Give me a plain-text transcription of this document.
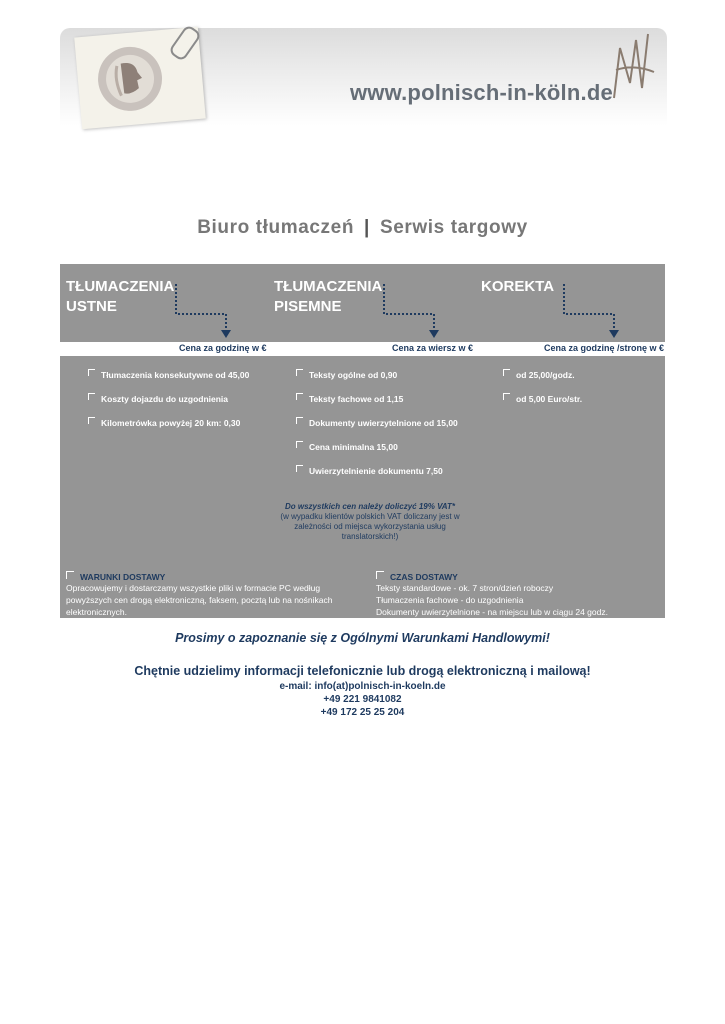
www.polnisch-in-köln.de
Biuro tłumaczeń | Serwis targowy
TŁUMACZENIA
USTNE
TŁUMACZENIA
PISEMNE
KOREKTA
Cena za godzinę w €	Cena za wiersz w €	Cena za godzinę /stronę w €
Tłumaczenia konsekutywne od 45,00
Koszty dojazdu do uzgodnienia
Kilometrówka powyżej 20 km: 0,30
Teksty ogólne od 0,90
Teksty fachowe od 1,15
Dokumenty uwierzytelnione od 15,00
Cena minimalna 15,00
Uwierzytelnienie dokumentu 7,50
od 25,00/godz.
od 5,00 Euro/str.
Do wszystkich cen należy doliczyć 19% VAT*
(w wypadku klientów polskich VAT doliczany jest w
zależności od miejsca wykorzystania usług
translatorskich!)
WARUNKI DOSTAWY
Opracowujemy i dostarczamy wszystkie pliki w formacie PC według
powyższych cen drogą elektroniczną, faksem, pocztą lub na nośnikach
elektronicznych.
CZAS DOSTAWY
Teksty standardowe - ok. 7 stron/dzień roboczy
Tłumaczenia fachowe - do uzgodnienia
Dokumenty uwierzytelnione - na miejscu lub w ciągu 24 godz.
Prosimy o zapoznanie się z Ogólnymi Warunkami Handlowymi!
Chętnie udzielimy informacji telefonicznie lub drogą elektroniczną i mailową!
e-mail: info(at)polnisch-in-koeln.de
+49 221 9841082
+49 172 25 25 204
